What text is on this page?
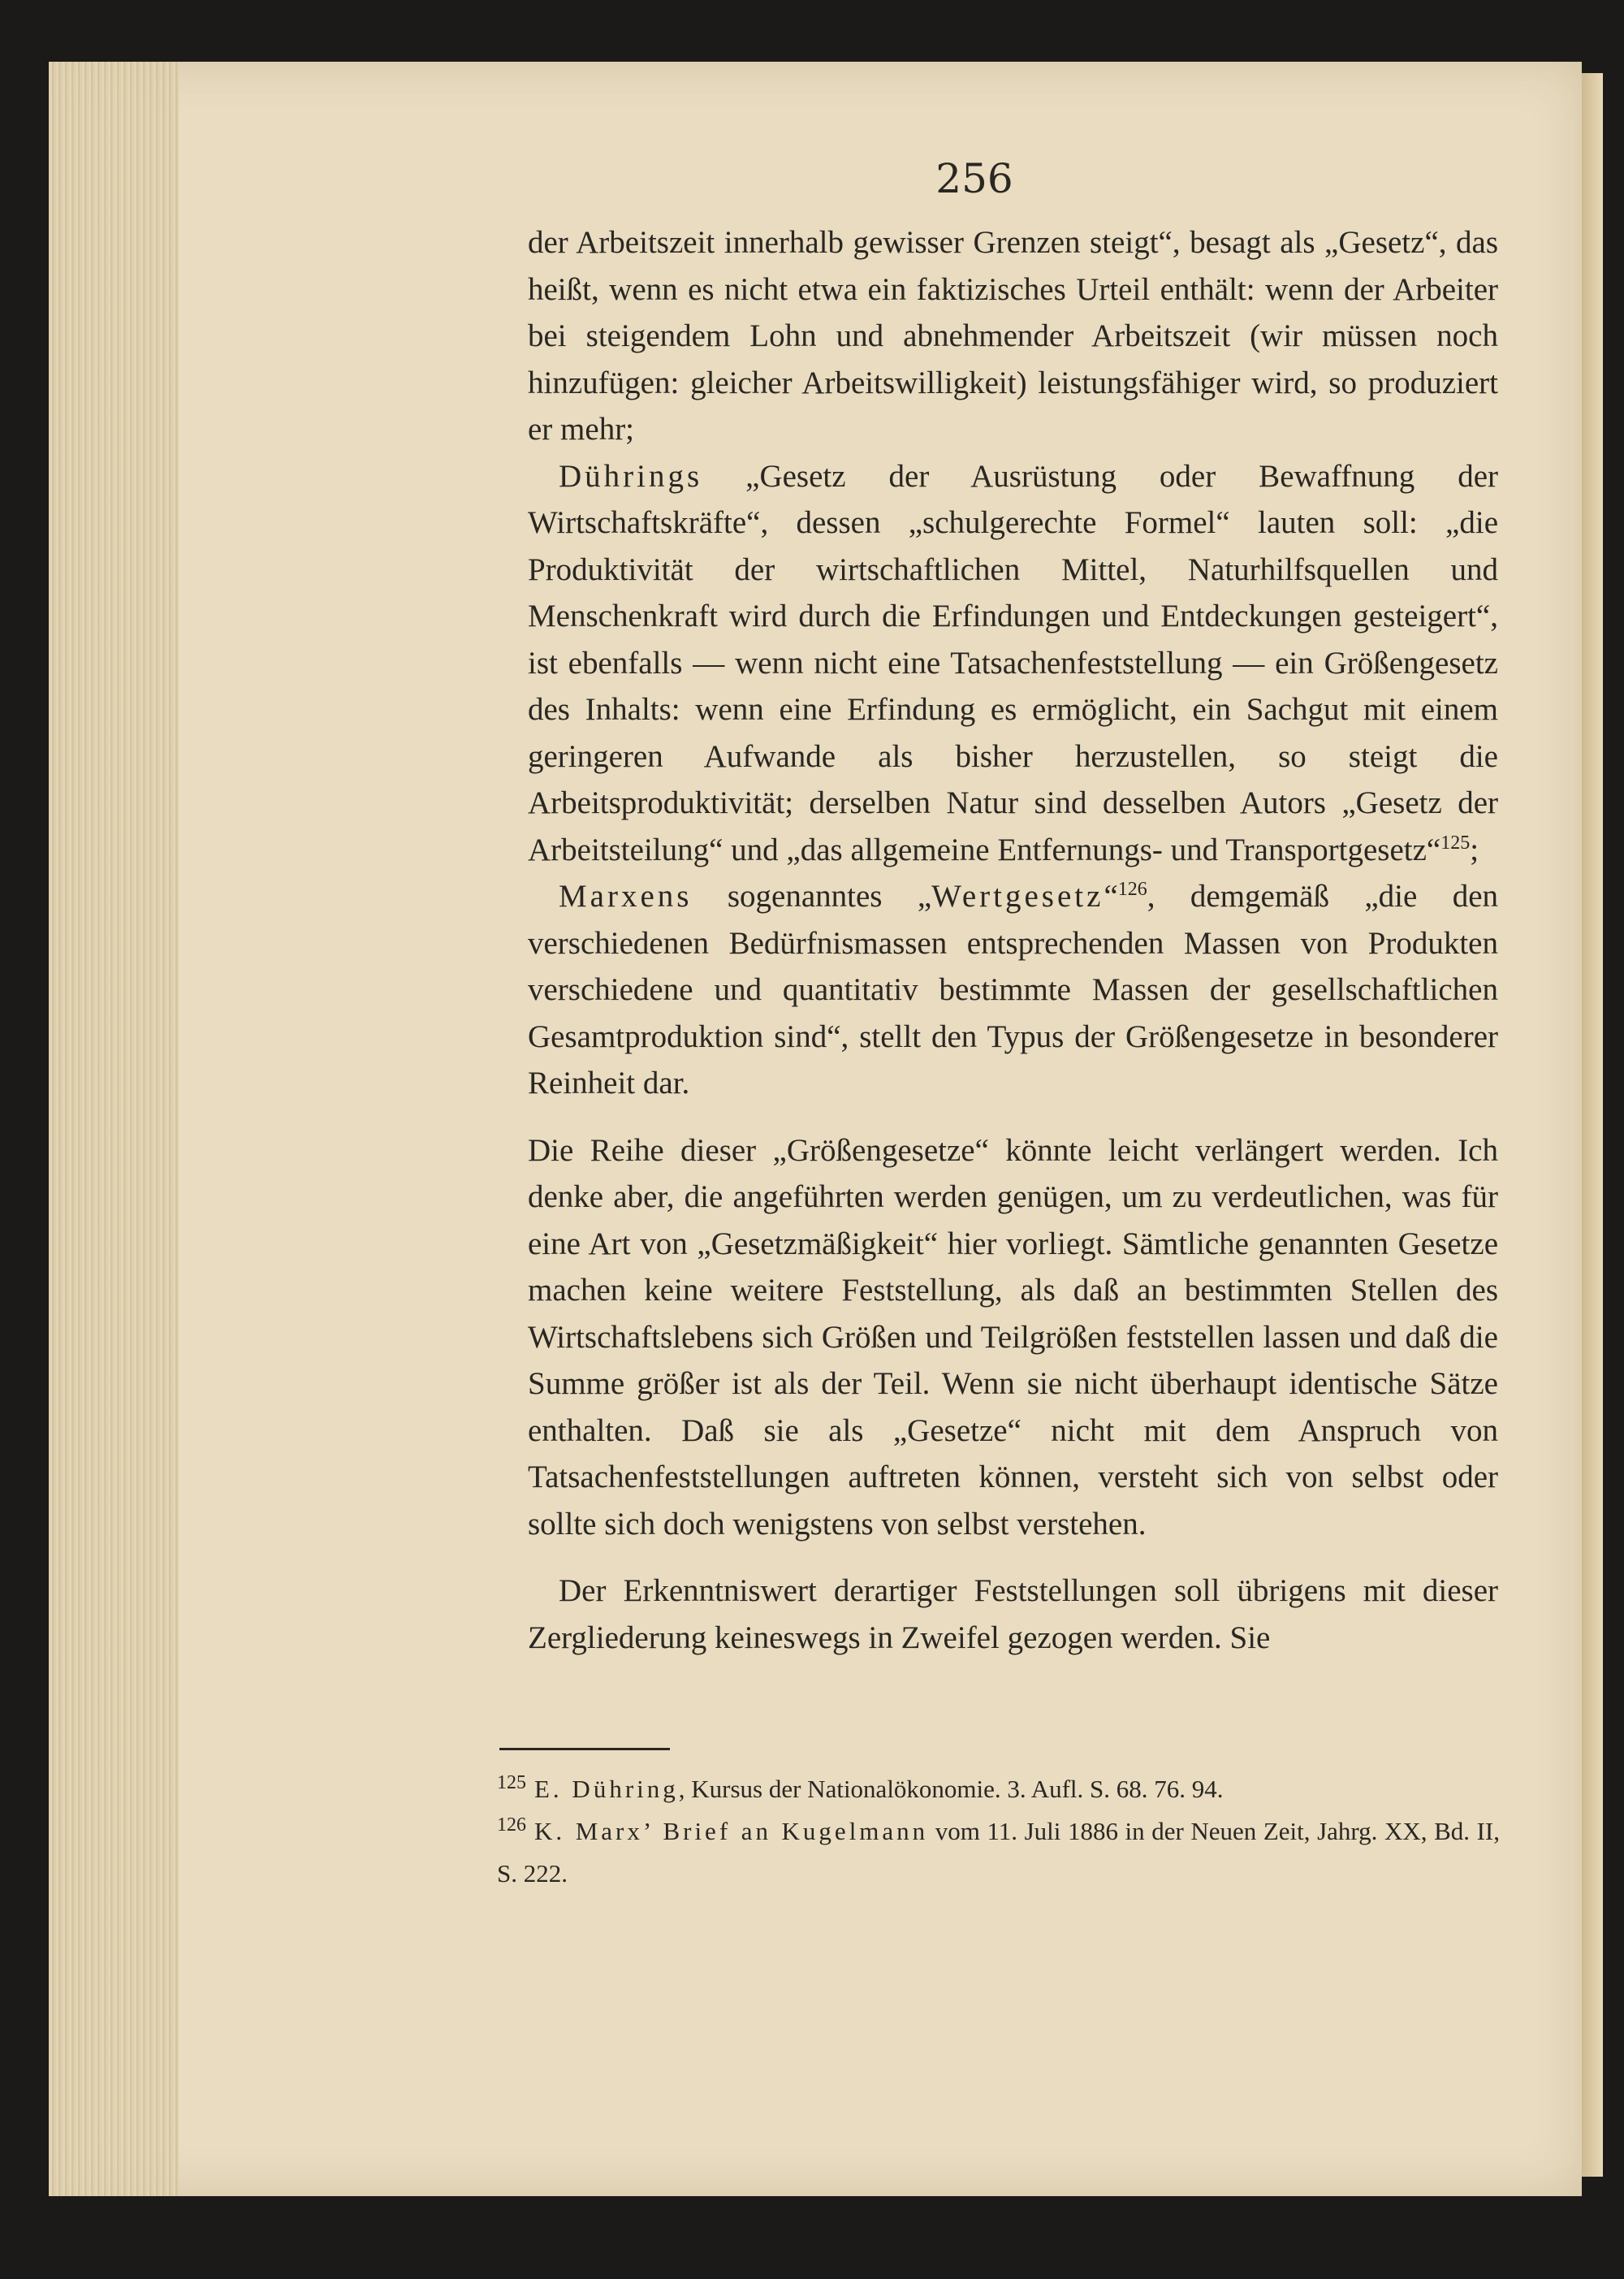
256

der Arbeitszeit innerhalb gewisser Grenzen steigt“, besagt als „Gesetz“, das heißt, wenn es nicht etwa ein faktizisches Urteil enthält: wenn der Arbeiter bei steigendem Lohn und abnehmender Arbeitszeit (wir müssen noch hinzufügen: gleicher Arbeitswilligkeit) leistungsfähiger wird, so produziert er mehr;

Dührings „Gesetz der Ausrüstung oder Bewaffnung der Wirtschaftskräfte“, dessen „schulgerechte Formel“ lauten soll: „die Produktivität der wirtschaftlichen Mittel, Naturhilfsquellen und Menschenkraft wird durch die Erfindungen und Entdeckungen gesteigert“, ist ebenfalls — wenn nicht eine Tatsachenfeststellung — ein Größengesetz des Inhalts: wenn eine Erfindung es ermöglicht, ein Sachgut mit einem geringeren Aufwande als bisher herzustellen, so steigt die Arbeitsproduktivität; derselben Natur sind desselben Autors „Gesetz der Arbeitsteilung“ und „das allgemeine Entfernungs- und Transportgesetz“$^{125}$;

Marxens sogenanntes „Wertgesetz“$^{126}$, demgemäß „die den verschiedenen Bedürfnismassen entsprechenden Massen von Produkten verschiedene und quantitativ bestimmte Massen der gesellschaftlichen Gesamtproduktion sind“, stellt den Typus der Größengesetze in besonderer Reinheit dar.

Die Reihe dieser „Größengesetze“ könnte leicht verlängert werden. Ich denke aber, die angeführten werden genügen, um zu verdeutlichen, was für eine Art von „Gesetzmäßigkeit“ hier vorliegt. Sämtliche genannten Gesetze machen keine weitere Feststellung, als daß an bestimmten Stellen des Wirtschaftslebens sich Größen und Teilgrößen feststellen lassen und daß die Summe größer ist als der Teil. Wenn sie nicht überhaupt identische Sätze enthalten. Daß sie als „Gesetze“ nicht mit dem Anspruch von Tatsachenfeststellungen auftreten können, versteht sich von selbst oder sollte sich doch wenigstens von selbst verstehen.

Der Erkenntniswert derartiger Feststellungen soll übrigens mit dieser Zergliederung keineswegs in Zweifel gezogen werden. Sie

$^{125}$ E. Dühring, Kursus der Nationalökonomie. 3. Aufl. S. 68. 76. 94.

$^{126}$ K. Marx’ Brief an Kugelmann vom 11. Juli 1886 in der Neuen Zeit, Jahrg. XX, Bd. II, S. 222.
